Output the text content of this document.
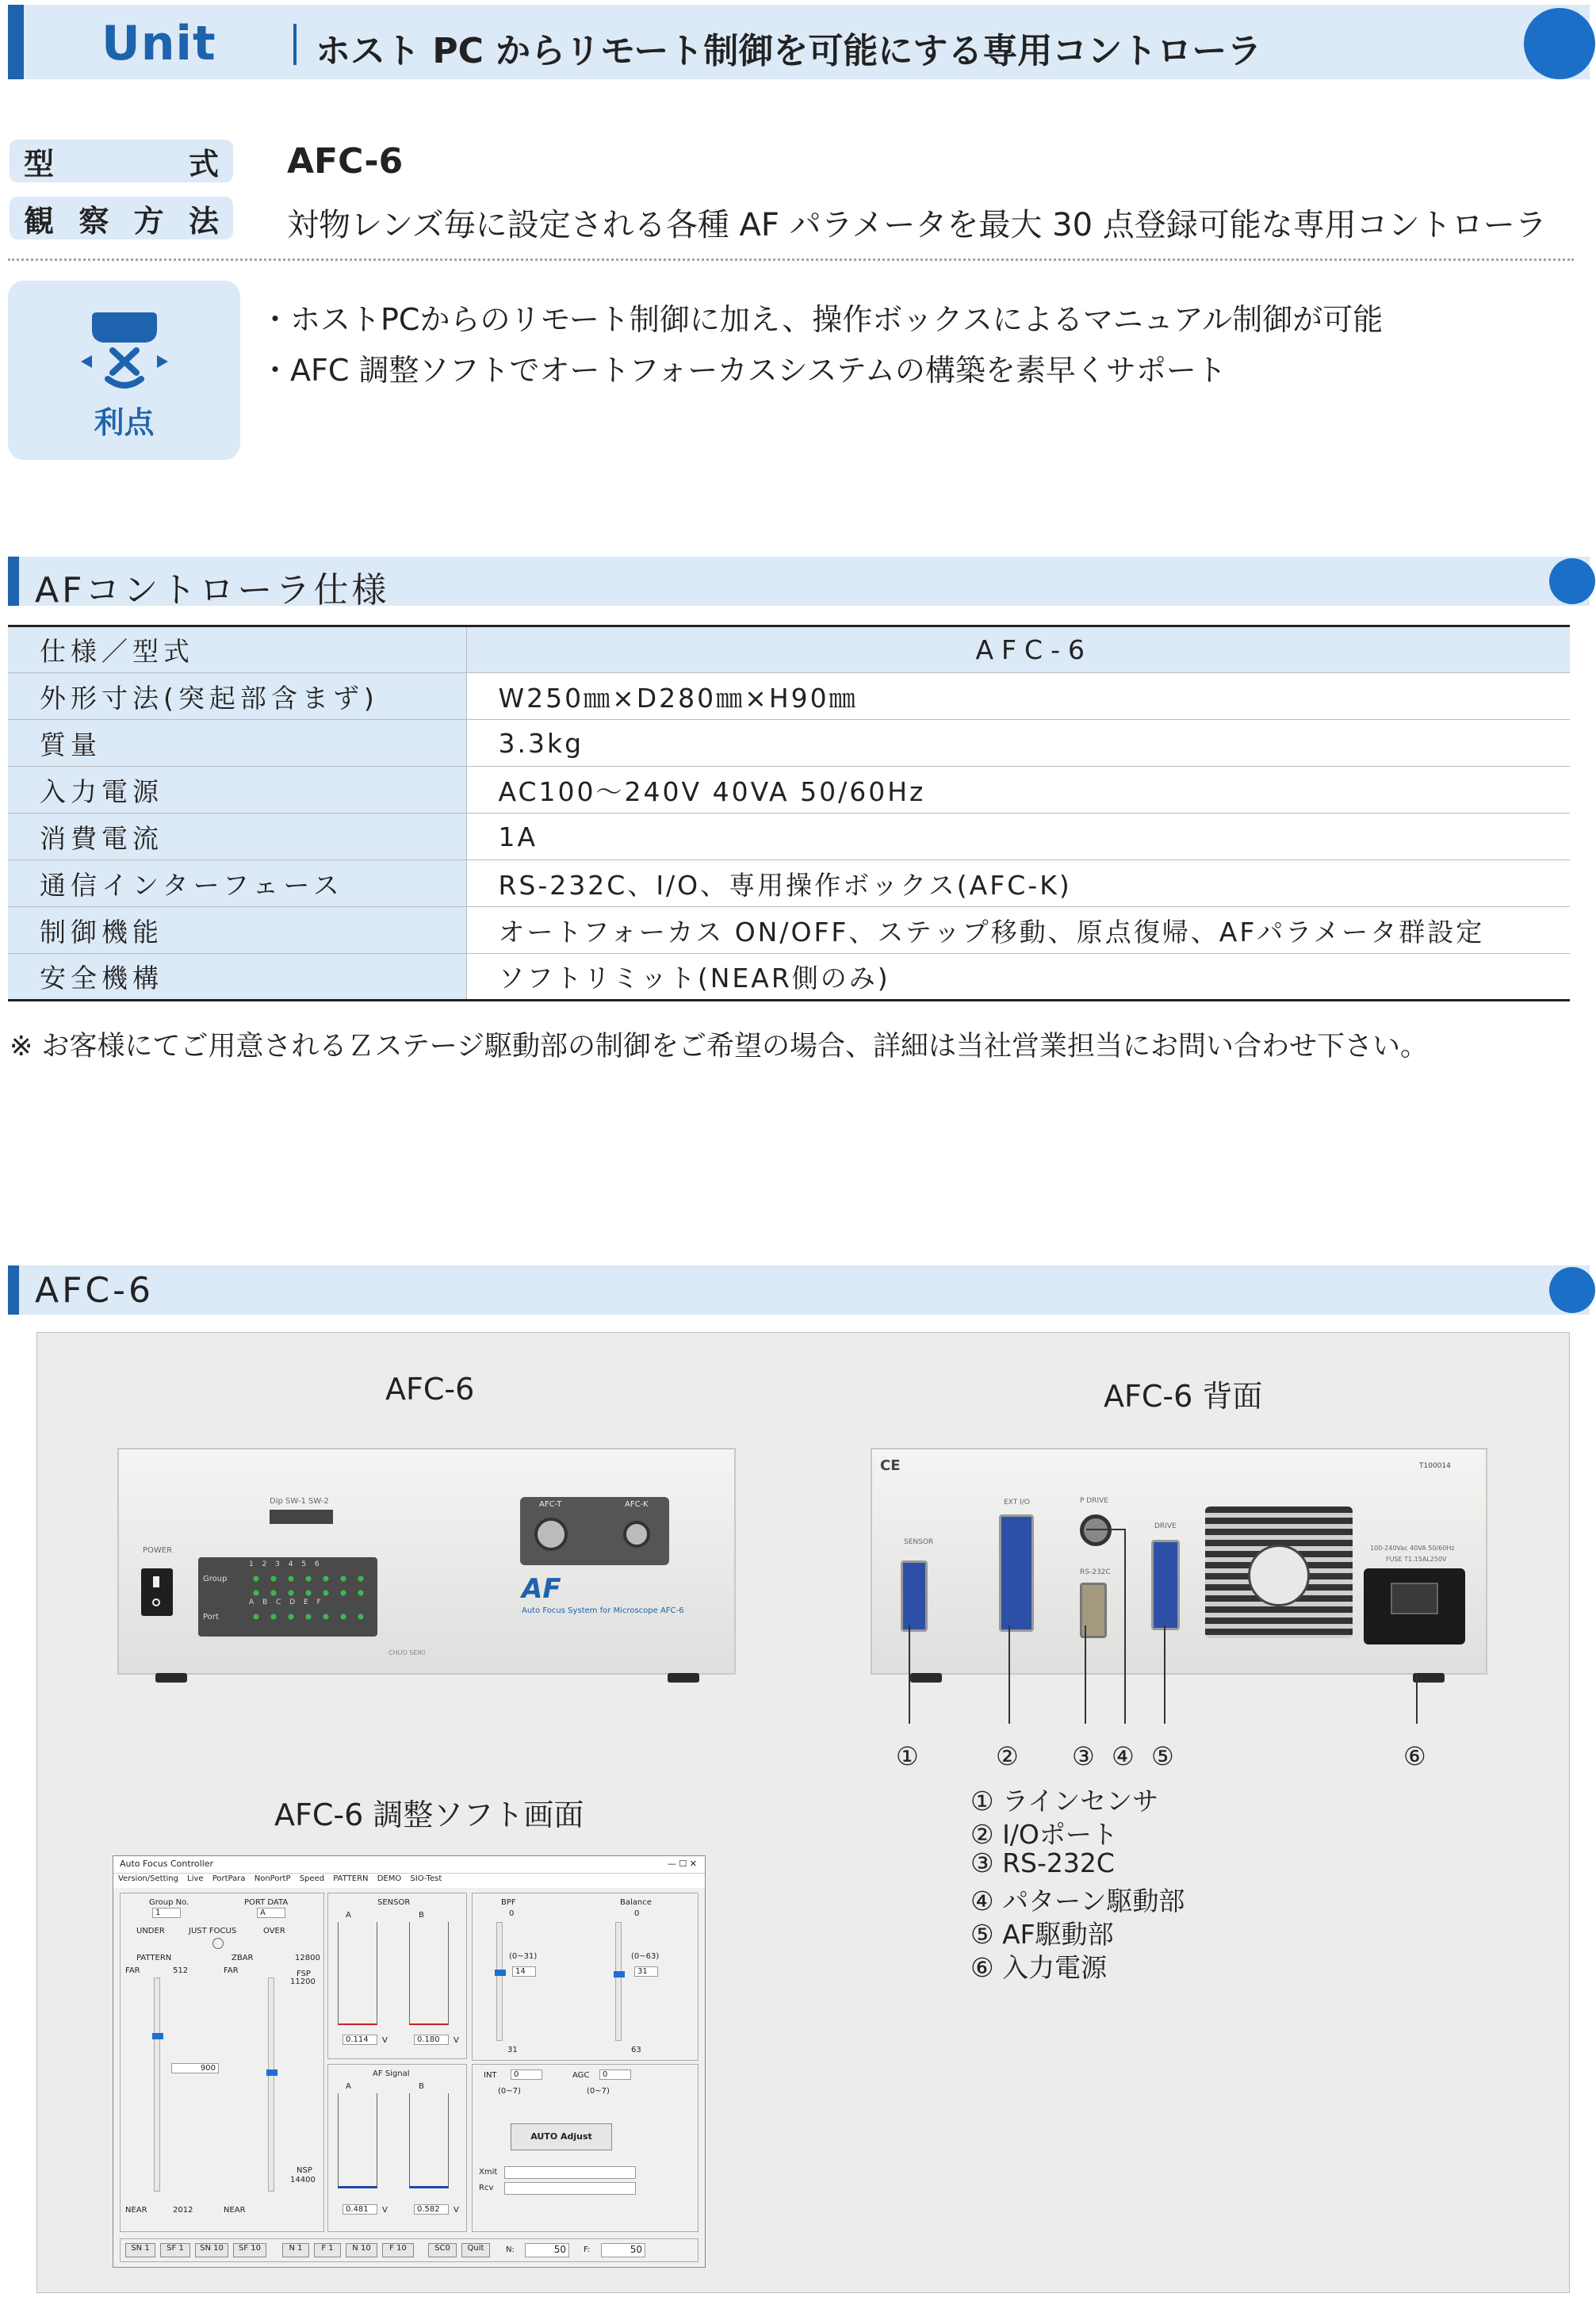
Unit	ホスト PC からリモート制御を可能にする専用コントローラ
型	式 AFC-6
観 察 方 法 対物レンズ毎に設定される各種 AF パラメータを最大 30 点登録可能な専用コントローラ
利点
・ホストPCからのリモート制御に加え、操作ボックスによるマニュアル制御が可能
・AFC 調整ソフトでオートフォーカスシステムの構築を素早くサポート
AFコントローラ仕様
仕様／型式	AFC-6
外形寸法(突起部含まず)	W250㎜×D280㎜×H90㎜
質量	3.3kg
入力電源	AC100～240V 40VA 50/60Hz
消費電流	1A
通信インターフェース	RS-232C、I/O、専用操作ボックス(AFC-K)
制御機能	オートフォーカス ON/OFF、ステップ移動、原点復帰、AFパラメータ群設定
安全機構	ソフトリミット(NEAR側のみ)
※ お客様にてご用意されるＺステージ駆動部の制御をご希望の場合、詳細は当社営業担当にお問い合わせ下さい。
AFC-6
AFC-6	AFC-6 背面
POWER
Dip SW-1 SW-2
Group
Port
1 2 3 4 5 6
A B C D E F
AFC-T	AFC-K
AF
Auto Focus System for Microscope AFC-6
CHUO SEIKI
CE	T100014
SENSOR
EXT I/O	P DRIVE
RS-232C
DRIVE
100-240Vac 40VA 50/60Hz
FUSE T1.15AL250V
①	② ③ ④ ⑤	⑥
① ラインセンサ
② I/Oポート
③ RS-232C
④ パターン駆動部
⑤ AF駆動部
⑥ 入力電源
AFC-6 調整ソフト画面
Auto Focus Controller	— ☐ ✕
Version/Setting Live PortPara NonPortP Speed PATTERN DEMO SIO-Test
Group No.
1
PORT DATA
A
UNDER	JUST FOCUS	OVER
PATTERN	ZBAR	12800
FAR	512	FAR
900
FSP
11200
NSP
14400
NEAR	2012	NEAR
SENSOR
A	B
0.114	V	0.180	V
AF Signal
A	B
0.481	V	0.582	V
BPF
0
(0~31)
14
31
Balance
0
(0~63)
31
63
INT	0
(0~7)
AGC	0
(0~7)
AUTO Adjust
Xmit
Rcv
SN 1	SF 1	SN 10	SF 10	N 1	F 1	N 10	F 10	SC0	Quit	N:	50	F:	50
